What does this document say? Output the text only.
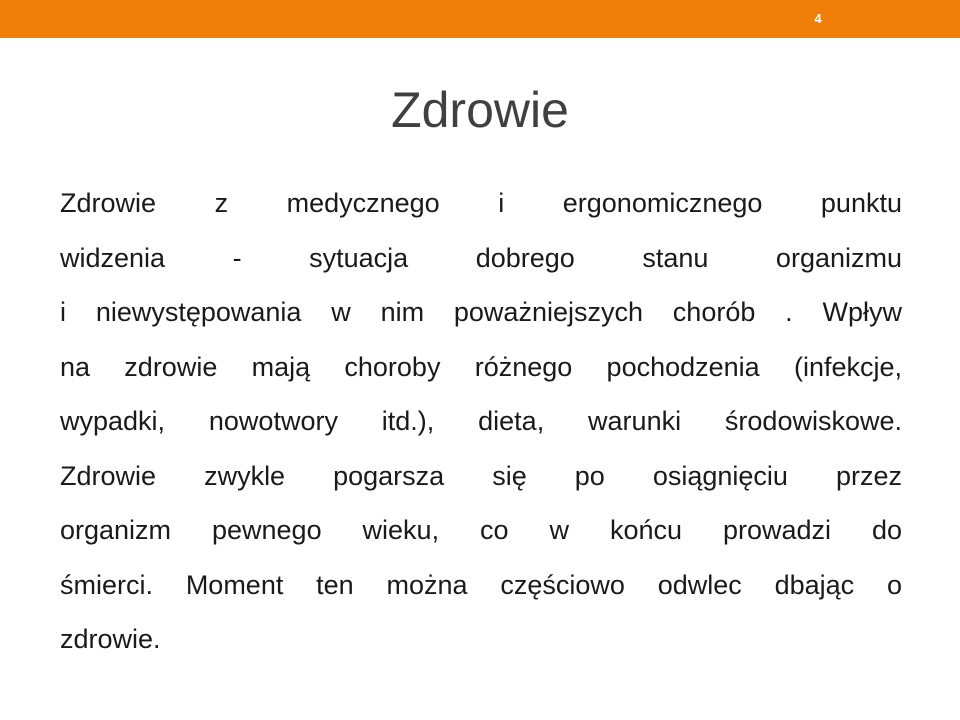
4
Zdrowie

Zdrowie z medycznego i ergonomicznego punktu
widzenia - sytuacja dobrego stanu organizmu
i niewystępowania w nim poważniejszych chorób . Wpływ
na zdrowie mają choroby różnego pochodzenia (infekcje,
wypadki, nowotwory itd.), dieta, warunki środowiskowe.
Zdrowie zwykle pogarsza się po osiągnięciu przez
organizm pewnego wieku, co w końcu prowadzi do
śmierci. Moment ten można częściowo odwlec dbając o
zdrowie.
